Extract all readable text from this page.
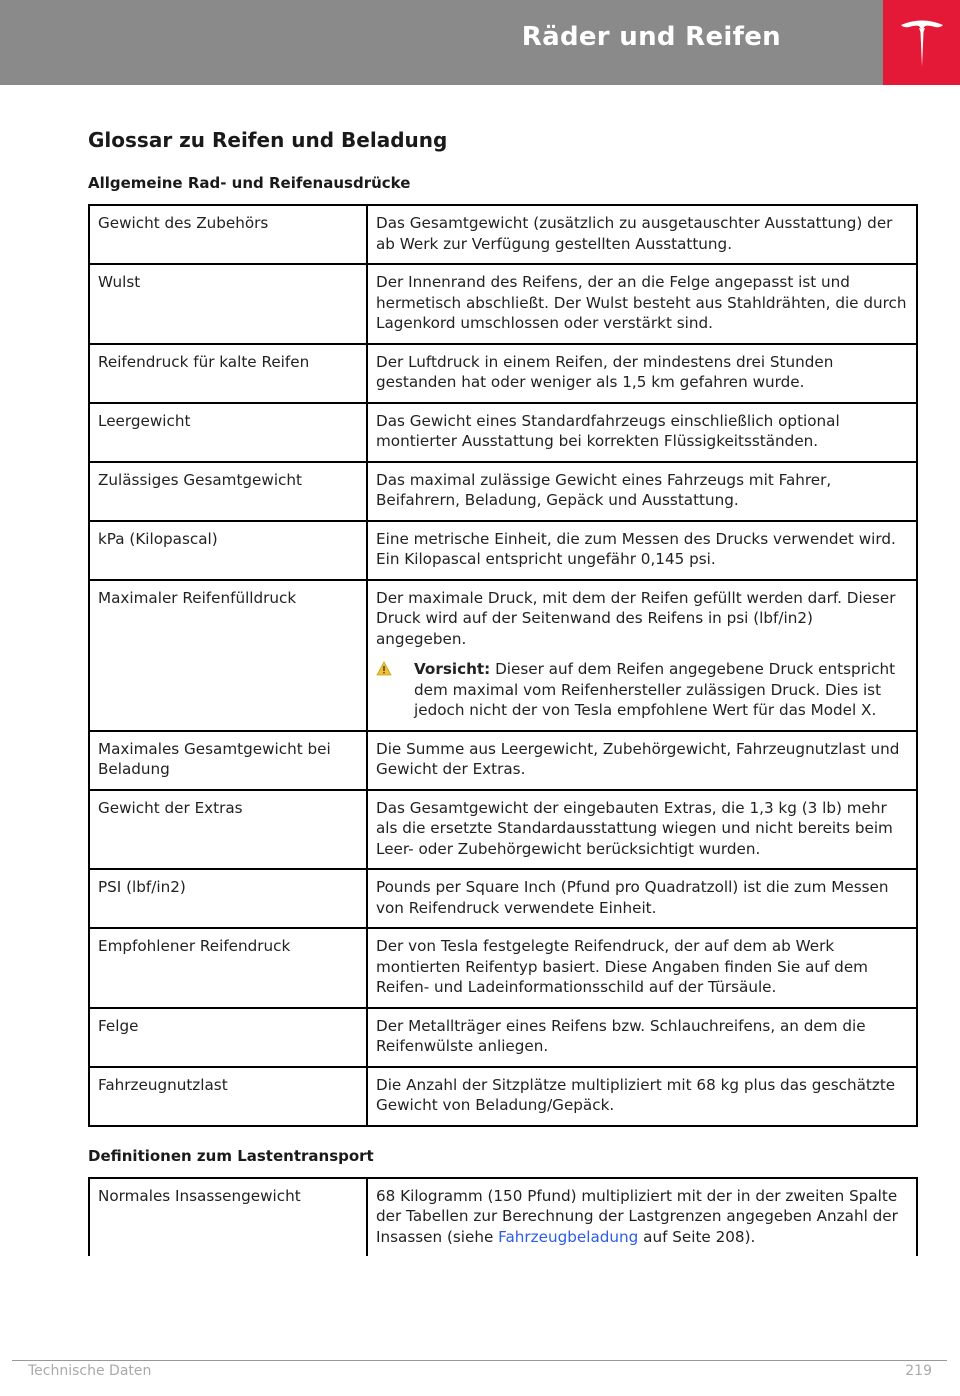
Räder und Reifen
Glossar zu Reifen und Beladung
Allgemeine Rad- und Reifenausdrücke
Gewicht des Zubehörs	Das Gesamtgewicht (zusätzlich zu ausgetauschter Ausstattung) der ab Werk zur Verfügung gestellten Ausstattung.
Wulst	Der Innenrand des Reifens, der an die Felge angepasst ist und hermetisch abschließt. Der Wulst besteht aus Stahldrähten, die durch Lagenkord umschlossen oder verstärkt sind.
Reifendruck für kalte Reifen	Der Luftdruck in einem Reifen, der mindestens drei Stunden gestanden hat oder weniger als 1,5 km gefahren wurde.
Leergewicht	Das Gewicht eines Standardfahrzeugs einschließlich optional montierter Ausstattung bei korrekten Flüssigkeitsständen.
Zulässiges Gesamtgewicht	Das maximal zulässige Gewicht eines Fahrzeugs mit Fahrer, Beifahrern, Beladung, Gepäck und Ausstattung.
kPa (Kilopascal)	Eine metrische Einheit, die zum Messen des Drucks verwendet wird. Ein Kilopascal entspricht ungefähr 0,145 psi.
Maximaler Reifenfülldruck	Der maximale Druck, mit dem der Reifen gefüllt werden darf. Dieser Druck wird auf der Seitenwand des Reifens in psi (lbf/in2) angegeben.
Vorsicht: Dieser auf dem Reifen angegebene Druck entspricht dem maximal vom Reifenhersteller zulässigen Druck. Dies ist jedoch nicht der von Tesla empfohlene Wert für das Model X.

Maximales Gesamtgewicht bei Beladung	Die Summe aus Leergewicht, Zubehörgewicht, Fahrzeugnutzlast und Gewicht der Extras.
Gewicht der Extras	Das Gesamtgewicht der eingebauten Extras, die 1,3 kg (3 lb) mehr als die ersetzte Standardausstattung wiegen und nicht bereits beim Leer- oder Zubehörgewicht berücksichtigt wurden.
PSI (lbf/in2)	Pounds per Square Inch (Pfund pro Quadratzoll) ist die zum Messen von Reifendruck verwendete Einheit.
Empfohlener Reifendruck	Der von Tesla festgelegte Reifendruck, der auf dem ab Werk montierten Reifentyp basiert. Diese Angaben finden Sie auf dem Reifen- und Ladeinformationsschild auf der Türsäule.
Felge	Der Metallträger eines Reifens bzw. Schlauchreifens, an dem die Reifenwülste anliegen.
Fahrzeugnutzlast	Die Anzahl der Sitzplätze multipliziert mit 68 kg plus das geschätzte Gewicht von Beladung/Gepäck.
Definitionen zum Lastentransport
Normales Insassengewicht	68 Kilogramm (150 Pfund) multipliziert mit der in der zweiten Spalte der Tabellen zur Berechnung der Lastgrenzen angegeben Anzahl der Insassen (siehe Fahrzeugbeladung auf Seite 208).
Technische Daten	219
